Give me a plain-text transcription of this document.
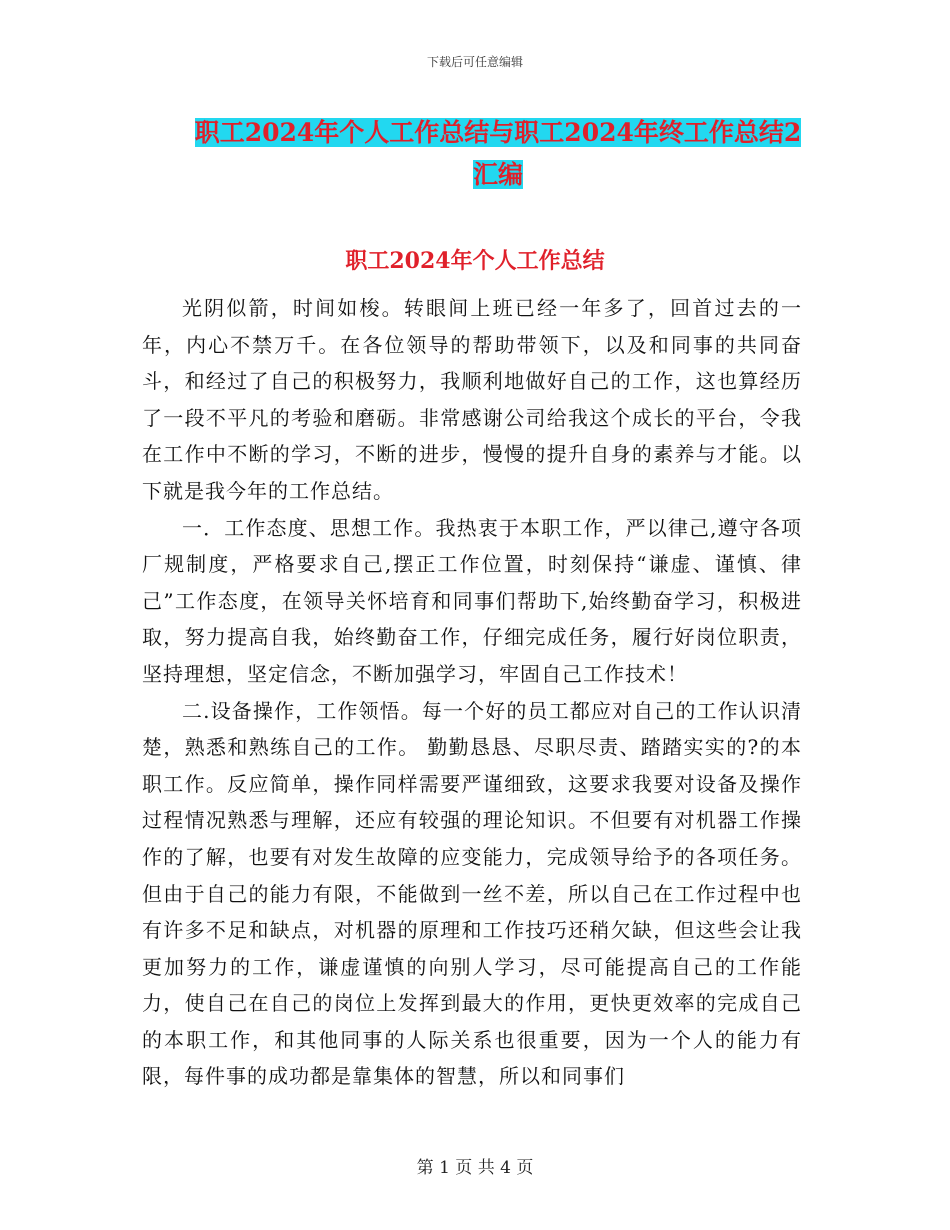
下载后可任意编辑
职工2024年个人工作总结与职工2024年终工作总结2汇编
职工2024年个人工作总结

光阴似箭，时间如梭。转眼间上班已经一年多了，回首过去的一年，内心不禁万千。在各位领导的帮助带领下，以及和同事的共同奋斗，和经过了自己的积极努力，我顺利地做好自己的工作，这也算经历了一段不平凡的考验和磨砺。非常感谢公司给我这个成长的平台，令我在工作中不断的学习，不断的进步，慢慢的提升自身的素养与才能。以下就是我今年的工作总结。

一．工作态度、思想工作。我热衷于本职工作，严以律己,遵守各项厂规制度，严格要求自己,摆正工作位置，时刻保持“谦虚、谨慎、律己”工作态度，在领导关怀培育和同事们帮助下,始终勤奋学习，积极进取，努力提高自我，始终勤奋工作，仔细完成任务，履行好岗位职责，坚持理想，坚定信念，不断加强学习，牢固自己工作技术！

二.设备操作，工作领悟。每一个好的员工都应对自己的工作认识清楚，熟悉和熟练自己的工作。 勤勤恳恳、尽职尽责、踏踏实实的?的本职工作。反应简单，操作同样需要严谨细致，这要求我要对设备及操作过程情况熟悉与理解，还应有较强的理论知识。不但要有对机器工作操作的了解，也要有对发生故障的应变能力，完成领导给予的各项任务。但由于自己的能力有限，不能做到一丝不差，所以自己在工作过程中也有许多不足和缺点，对机器的原理和工作技巧还稍欠缺，但这些会让我更加努力的工作，谦虚谨慎的向别人学习，尽可能提高自己的工作能力，使自己在自己的岗位上发挥到最大的作用，更快更效率的完成自己的本职工作，和其他同事的人际关系也很重要，因为一个人的能力有限，每件事的成功都是靠集体的智慧，所以和同事们

第 1 页 共 4 页
